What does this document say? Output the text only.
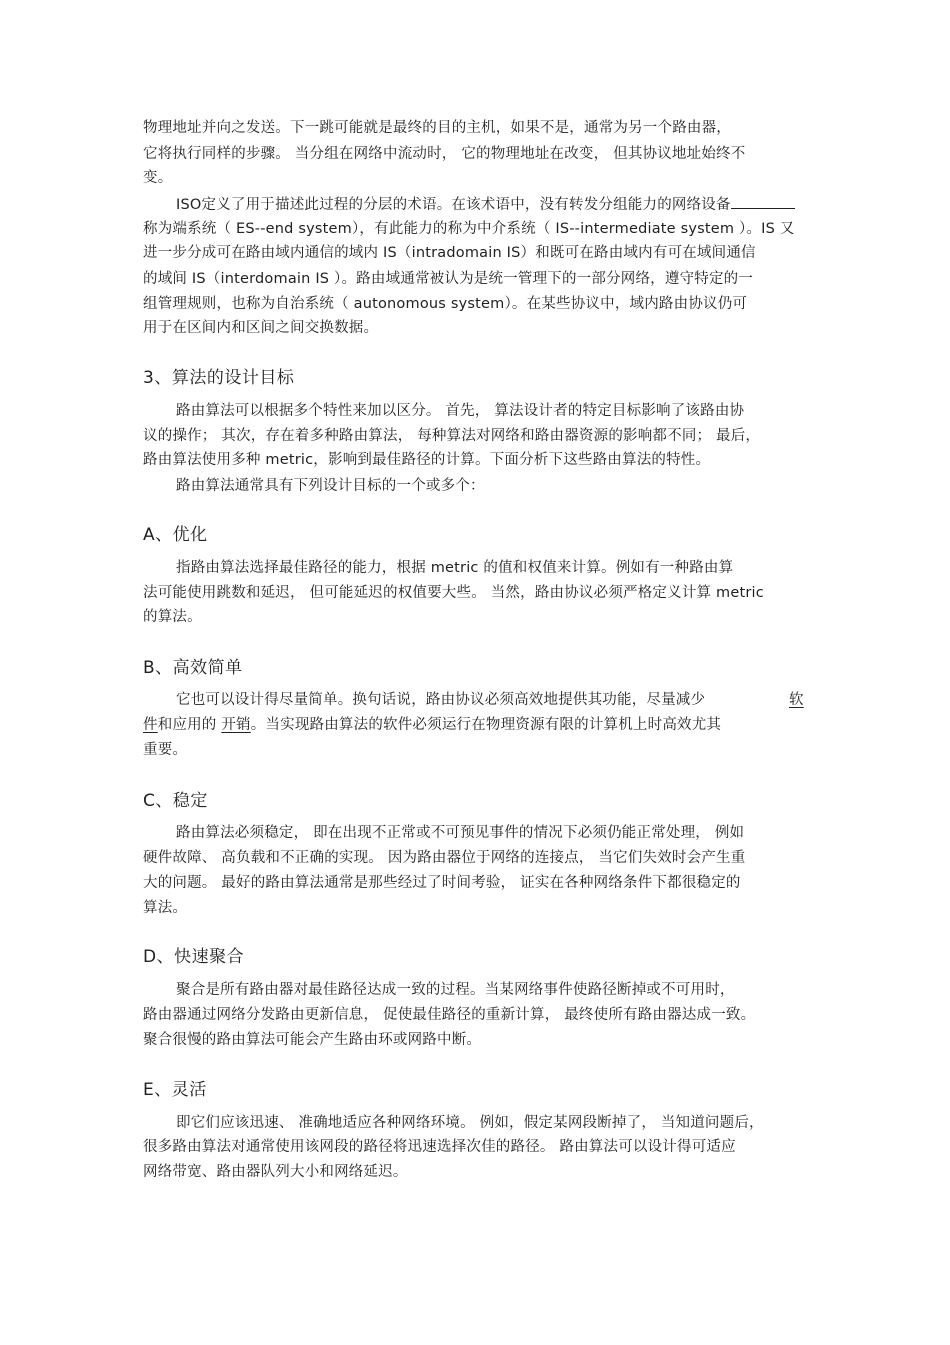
物理地址并向之发送。下一跳可能就是最终的目的主机，如果不是，通常为另一个路由器，
它将执行同样的步骤。 当分组在网络中流动时， 它的物理地址在改变， 但其协议地址始终不
变。
ISO定义了用于描述此过程的分层的术语。在该术语中，没有转发分组能力的网络设备
称为端系统（ ES--end system），有此能力的称为中介系统（ IS--intermediate system ）。IS 又
进一步分成可在路由域内通信的域内 IS（intradomain IS）和既可在路由域内有可在域间通信
的域间 IS（interdomain IS ）。路由域通常被认为是统一管理下的一部分网络，遵守特定的一
组管理规则，也称为自治系统（ autonomous system）。在某些协议中，域内路由协议仍可
用于在区间内和区间之间交换数据。
3、算法的设计目标
路由算法可以根据多个特性来加以区分。 首先， 算法设计者的特定目标影响了该路由协
议的操作； 其次，存在着多种路由算法， 每种算法对网络和路由器资源的影响都不同； 最后，
路由算法使用多种 metric，影响到最佳路径的计算。下面分析下这些路由算法的特性。
路由算法通常具有下列设计目标的一个或多个：
A、优化
指路由算法选择最佳路径的能力，根据 metric 的值和权值来计算。例如有一种路由算
法可能使用跳数和延迟， 但可能延迟的权值要大些。 当然，路由协议必须严格定义计算 metric
的算法。
B、高效简单
它也可以设计得尽量简单。换句话说，路由协议必须高效地提供其功能，尽量减少	软
件和应用的 开销。当实现路由算法的软件必须运行在物理资源有限的计算机上时高效尤其
重要。
C、稳定
路由算法必须稳定， 即在出现不正常或不可预见事件的情况下必须仍能正常处理， 例如
硬件故障、 高负载和不正确的实现。 因为路由器位于网络的连接点， 当它们失效时会产生重
大的问题。 最好的路由算法通常是那些经过了时间考验， 证实在各种网络条件下都很稳定的
算法。
D、快速聚合
聚合是所有路由器对最佳路径达成一致的过程。当某网络事件使路径断掉或不可用时，
路由器通过网络分发路由更新信息， 促使最佳路径的重新计算， 最终使所有路由器达成一致。
聚合很慢的路由算法可能会产生路由环或网路中断。
E、灵活
即它们应该迅速、 准确地适应各种网络环境。 例如，假定某网段断掉了， 当知道问题后，
很多路由算法对通常使用该网段的路径将迅速选择次佳的路径。 路由算法可以设计得可适应
网络带宽、路由器队列大小和网络延迟。
